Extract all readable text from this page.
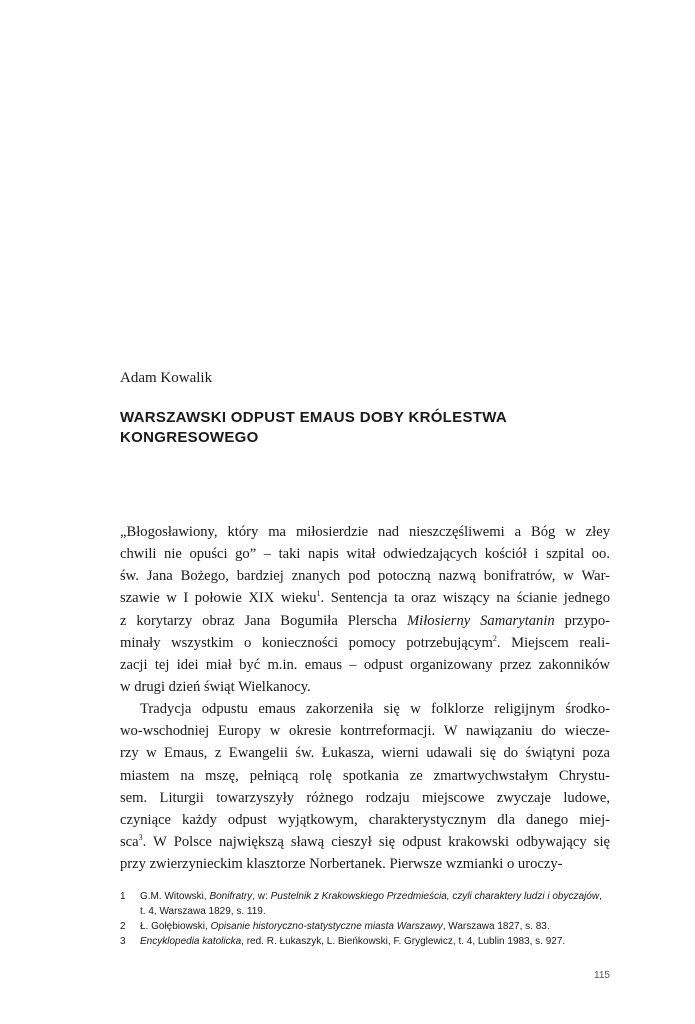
Adam Kowalik
WARSZAWSKI ODPUST EMAUS DOBY KRÓLESTWA
KONGRESOWEGO
„Błogosławiony, który ma miłosierdzie nad nieszczęśliwemi a Bóg w złey
chwili nie opuści go” – taki napis witał odwiedzających kościół i szpital oo.
św. Jana Bożego, bardziej znanych pod potoczną nazwą bonifratrów, w War-
szawie w I połowie XIX wieku$^1$. Sentencja ta oraz wiszący na ścianie jednego
z korytarzy obraz Jana Bogumiła Plerscha Miłosierny Samarytanin przypo-
minały wszystkim o konieczności pomocy potrzebującym$^2$. Miejscem reali-
zacji tej idei miał być m.in. emaus – odpust organizowany przez zakonników
w drugi dzień świąt Wielkanocy.
Tradycja odpustu emaus zakorzeniła się w folklorze religijnym środko-
wo-wschodniej Europy w okresie kontrreformacji. W nawiązaniu do wiecze-
rzy w Emaus, z Ewangelii św. Łukasza, wierni udawali się do świątyni poza
miastem na mszę, pełniącą rolę spotkania ze zmartwychwstałym Chrystu-
sem. Liturgii towarzyszyły różnego rodzaju miejscowe zwyczaje ludowe,
czyniące każdy odpust wyjątkowym, charakterystycznym dla danego miej-
sca$^3$. W Polsce największą sławą cieszył się odpust krakowski odbywający się
przy zwierzynieckim klasztorze Norbertanek. Pierwsze wzmianki o uroczy-
1 G.M. Witowski, Bonifratry, w: Pustelnik z Krakowskiego Przedmieścia, czyli charaktery ludzi i obyczajów,
t. 4, Warszawa 1829, s. 119.
2 Ł. Gołębiowski, Opisanie historyczno-statystyczne miasta Warszawy, Warszawa 1827, s. 83.
3 Encyklopedia katolicka, red. R. Łukaszyk, L. Bieńkowski, F. Gryglewicz, t. 4, Lublin 1983, s. 927.
115
